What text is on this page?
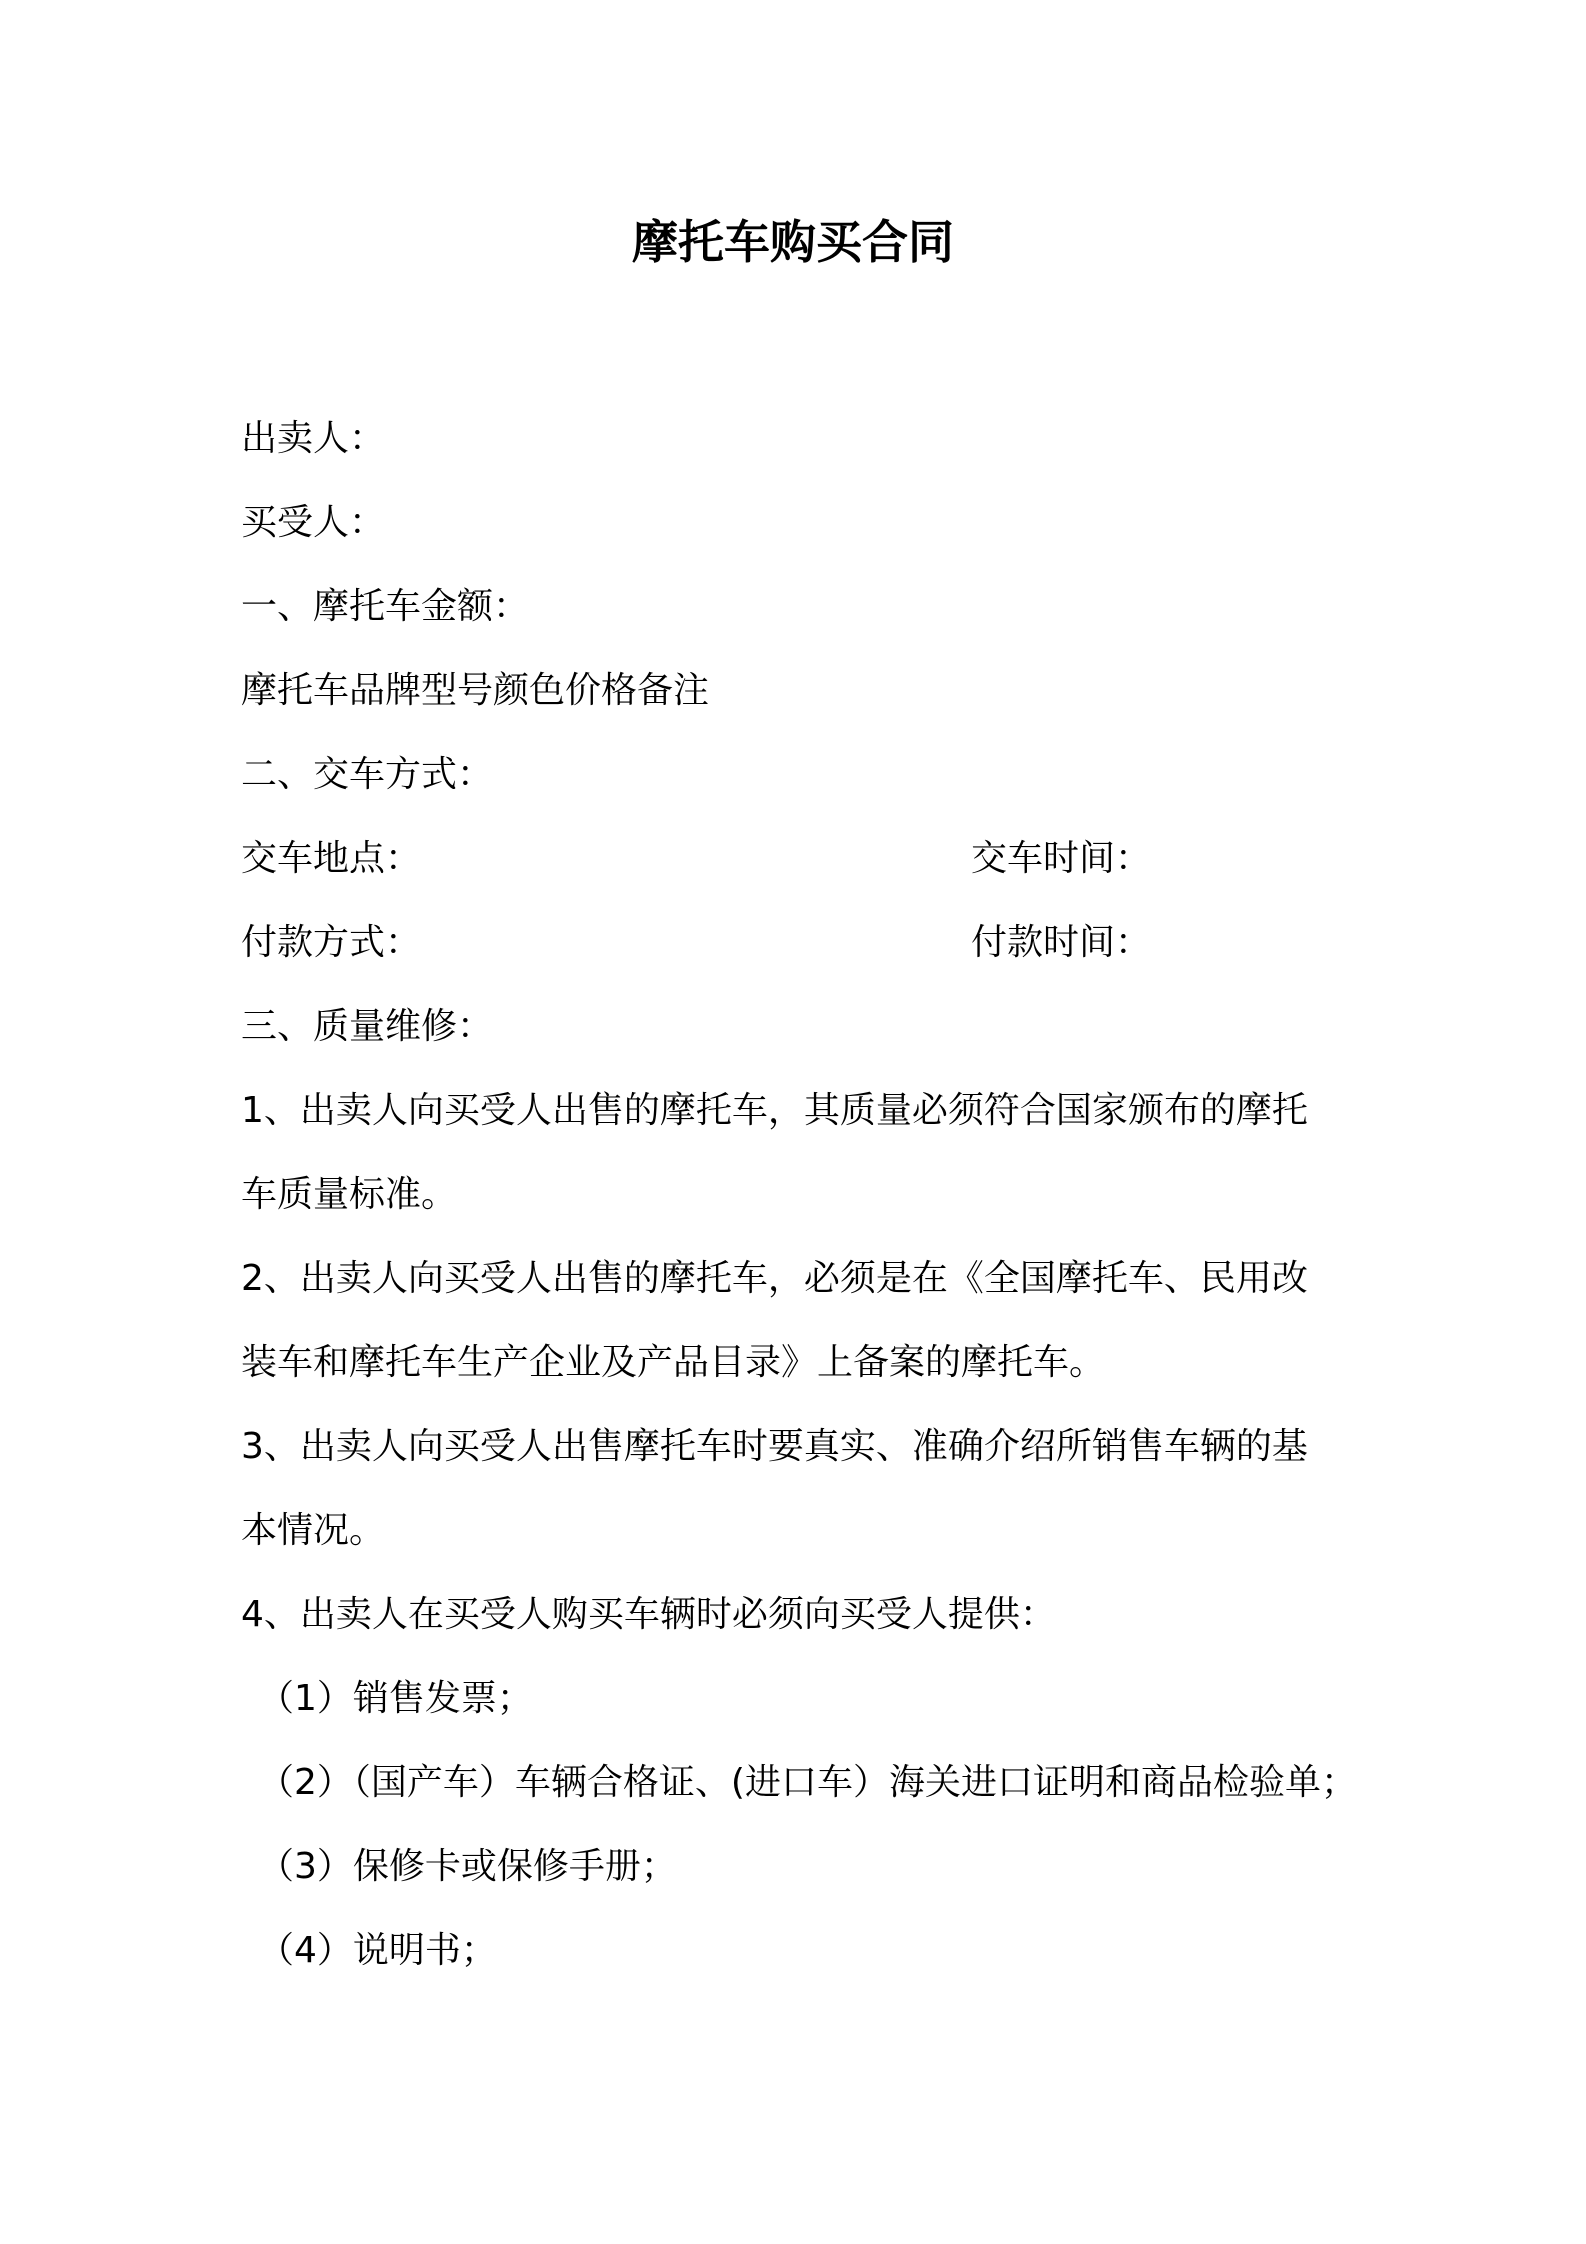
摩托车购买合同
出卖人：
买受人：
一、摩托车金额：
摩托车品牌型号颜色价格备注
二、交车方式：
交车地点：	交车时间：
付款方式：	付款时间：
三、质量维修：
1、出卖人向买受人出售的摩托车，其质量必须符合国家颁布的摩托
车质量标准。
2、出卖人向买受人出售的摩托车，必须是在《全国摩托车、民用改
装车和摩托车生产企业及产品目录》上备案的摩托车。
3、出卖人向买受人出售摩托车时要真实、准确介绍所销售车辆的基
本情况。
4、出卖人在买受人购买车辆时必须向买受人提供：
（1）销售发票；
（2）（国产车）车辆合格证、(进口车）海关进口证明和商品检验单；
（3）保修卡或保修手册；
（4）说明书；
